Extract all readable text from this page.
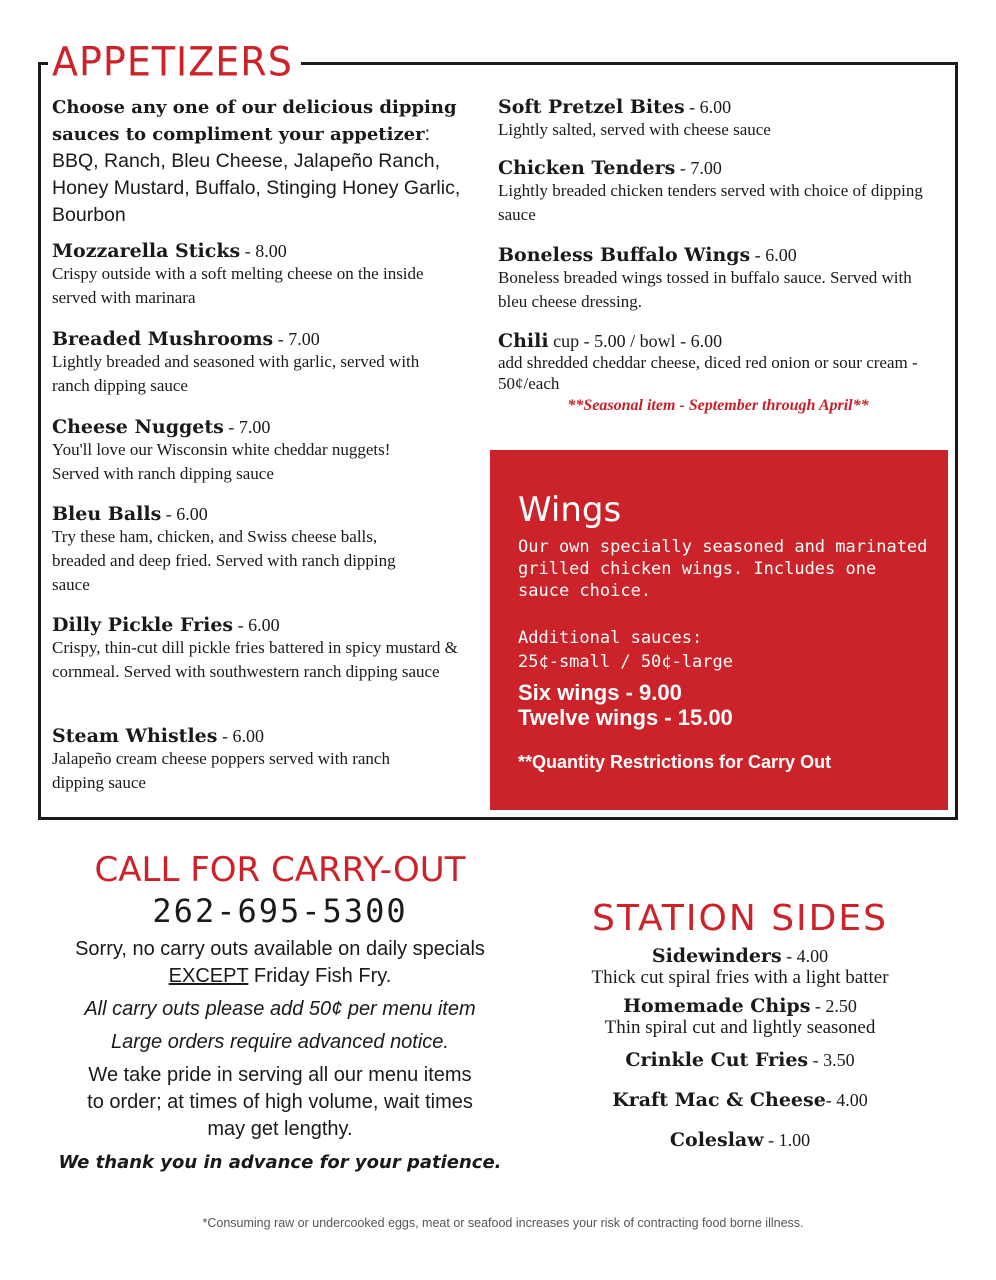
APPETIZERS
Choose any one of our delicious dipping sauces to compliment your appetizer: BBQ, Ranch, Bleu Cheese, Jalapeño Ranch, Honey Mustard, Buffalo, Stinging Honey Garlic, Bourbon
Mozzarella Sticks - 8.00
Crispy outside with a soft melting cheese on the inside served with marinara
Breaded Mushrooms - 7.00
Lightly breaded and seasoned with garlic, served with ranch dipping sauce
Cheese Nuggets - 7.00
You'll love our Wisconsin white cheddar nuggets! Served with ranch dipping sauce
Bleu Balls - 6.00
Try these ham, chicken, and Swiss cheese balls, breaded and deep fried. Served with ranch dipping sauce
Dilly Pickle Fries - 6.00
Crispy, thin-cut dill pickle fries battered in spicy mustard & cornmeal. Served with southwestern ranch dipping sauce
Steam Whistles - 6.00
Jalapeño cream cheese poppers served with ranch dipping sauce
Soft Pretzel Bites - 6.00
Lightly salted, served with cheese sauce
Chicken Tenders - 7.00
Lightly breaded chicken tenders served with choice of dipping sauce
Boneless Buffalo Wings - 6.00
Boneless breaded wings tossed in buffalo sauce. Served with bleu cheese dressing.
Chili cup - 5.00 / bowl - 6.00
add shredded cheddar cheese, diced red onion or sour cream - 50¢/each
**Seasonal item - September through April**
Wings
Our own specially seasoned and marinated grilled chicken wings. Includes one sauce choice.
Additional sauces:
25¢-small / 50¢-large
Six wings - 9.00
Twelve wings - 15.00
**Quantity Restrictions for Carry Out
CALL FOR CARRY-OUT
262-695-5300

Sorry, no carry outs available on daily specials
EXCEPT Friday Fish Fry.

All carry outs please add 50¢ per menu item

Large orders require advanced notice.

We take pride in serving all our menu items to order; at times of high volume, wait times may get lengthy.

We thank you in advance for your patience.

STATION SIDES
Sidewinders - 4.00
Thick cut spiral fries with a light batter
Homemade Chips - 2.50
Thin spiral cut and lightly seasoned
Crinkle Cut Fries - 3.50
Kraft Mac & Cheese- 4.00
Coleslaw - 1.00
*Consuming raw or undercooked eggs, meat or seafood increases your risk of contracting food borne illness.
